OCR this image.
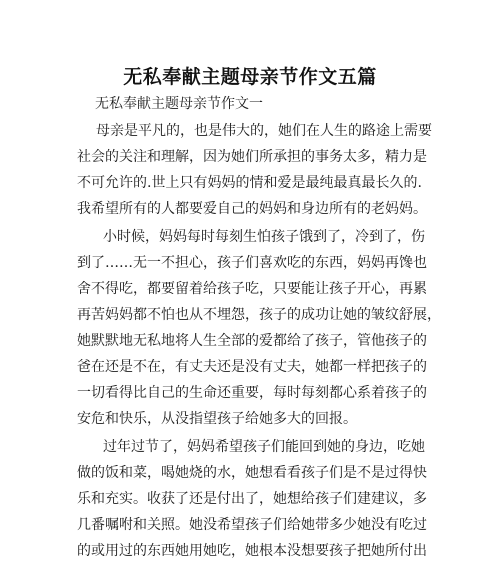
无私奉献主题母亲节作文五篇
无私奉献主题母亲节作文一
母亲是平凡的，也是伟大的，她们在人生的路途上需要
社会的关注和理解，因为她们所承担的事务太多，精力是
不可允许的.世上只有妈妈的情和爱是最纯最真最长久的.
我希望所有的人都要爱自己的妈妈和身边所有的老妈妈。
小时候，妈妈每时每刻生怕孩子饿到了，冷到了，伤
到了……无一不担心，孩子们喜欢吃的东西，妈妈再馋也
舍不得吃，都要留着给孩子吃，只要能让孩子开心，再累
再苦妈妈都不怕也从不埋怨，孩子的成功让她的皱纹舒展，
她默默地无私地将人生全部的爱都给了孩子，管他孩子的
爸在还是不在，有丈夫还是没有丈夫，她都一样把孩子的
一切看得比自己的生命还重要，每时每刻都心系着孩子的
安危和快乐，从没指望孩子给她多大的回报。
过年过节了，妈妈希望孩子们能回到她的身边，吃她
做的饭和菜，喝她烧的水，她想看看孩子们是不是过得快
乐和充实。收获了还是付出了，她想给孩子们建建议，多
几番嘱咐和关照。她没希望孩子们给她带多少她没有吃过
的或用过的东西她用她吃，她根本没想要孩子把她所付出
